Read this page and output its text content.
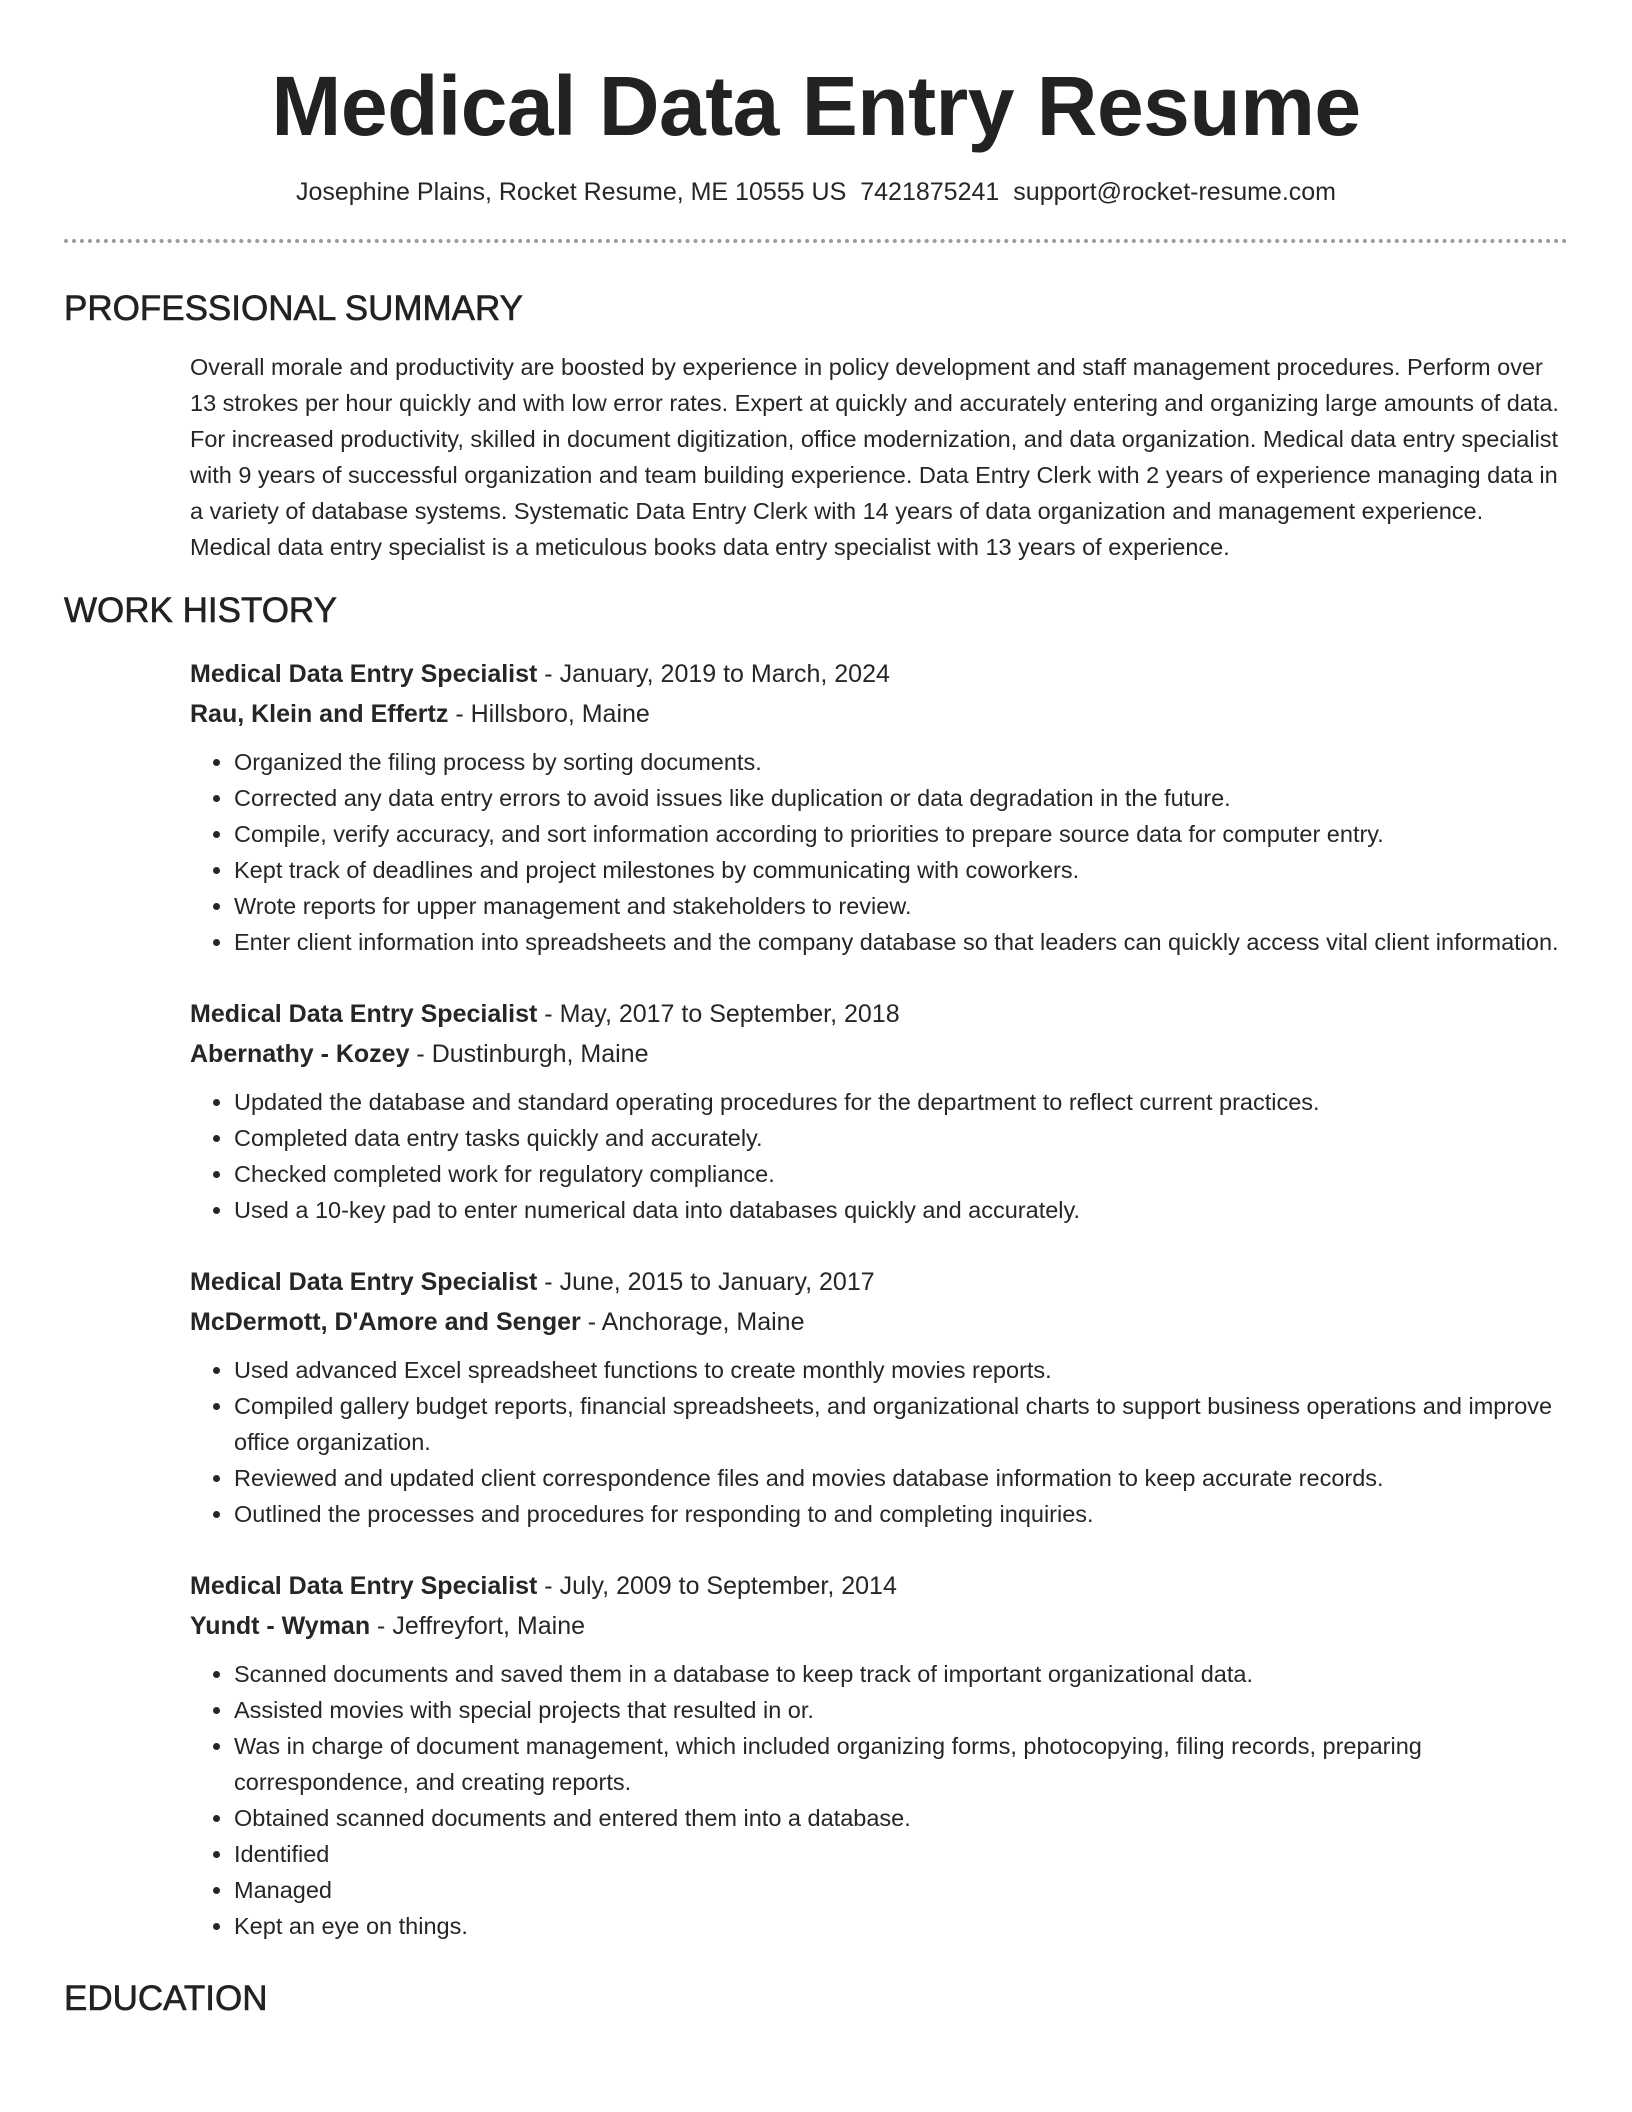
Medical Data Entry Resume
Josephine Plains, Rocket Resume, ME 10555 US 7421875241 support@rocket-resume.com
PROFESSIONAL SUMMARY

Overall morale and productivity are boosted by experience in policy development and staff management procedures. Perform over 13 strokes per hour quickly and with low error rates. Expert at quickly and accurately entering and organizing large amounts of data. For increased productivity, skilled in document digitization, office modernization, and data organization. Medical data entry specialist with 9 years of successful organization and team building experience. Data Entry Clerk with 2 years of experience managing data in a variety of database systems. Systematic Data Entry Clerk with 14 years of data organization and management experience. Medical data entry specialist is a meticulous books data entry specialist with 13 years of experience.

WORK HISTORY
Medical Data Entry Specialist - January, 2019 to March, 2024
Rau, Klein and Effertz - Hillsboro, Maine
• Organized the filing process by sorting documents.
• Corrected any data entry errors to avoid issues like duplication or data degradation in the future.
• Compile, verify accuracy, and sort information according to priorities to prepare source data for computer entry.
• Kept track of deadlines and project milestones by communicating with coworkers.
• Wrote reports for upper management and stakeholders to review.
• Enter client information into spreadsheets and the company database so that leaders can quickly access vital client information.
Medical Data Entry Specialist - May, 2017 to September, 2018
Abernathy - Kozey - Dustinburgh, Maine
• Updated the database and standard operating procedures for the department to reflect current practices.
• Completed data entry tasks quickly and accurately.
• Checked completed work for regulatory compliance.
• Used a 10-key pad to enter numerical data into databases quickly and accurately.
Medical Data Entry Specialist - June, 2015 to January, 2017
McDermott, D'Amore and Senger - Anchorage, Maine
• Used advanced Excel spreadsheet functions to create monthly movies reports.
• Compiled gallery budget reports, financial spreadsheets, and organizational charts to support business operations and improve office organization.
• Reviewed and updated client correspondence files and movies database information to keep accurate records.
• Outlined the processes and procedures for responding to and completing inquiries.
Medical Data Entry Specialist - July, 2009 to September, 2014
Yundt - Wyman - Jeffreyfort, Maine
• Scanned documents and saved them in a database to keep track of important organizational data.
• Assisted movies with special projects that resulted in or.
• Was in charge of document management, which included organizing forms, photocopying, filing records, preparing correspondence, and creating reports.
• Obtained scanned documents and entered them into a database.
• Identified
• Managed
• Kept an eye on things.
EDUCATION
